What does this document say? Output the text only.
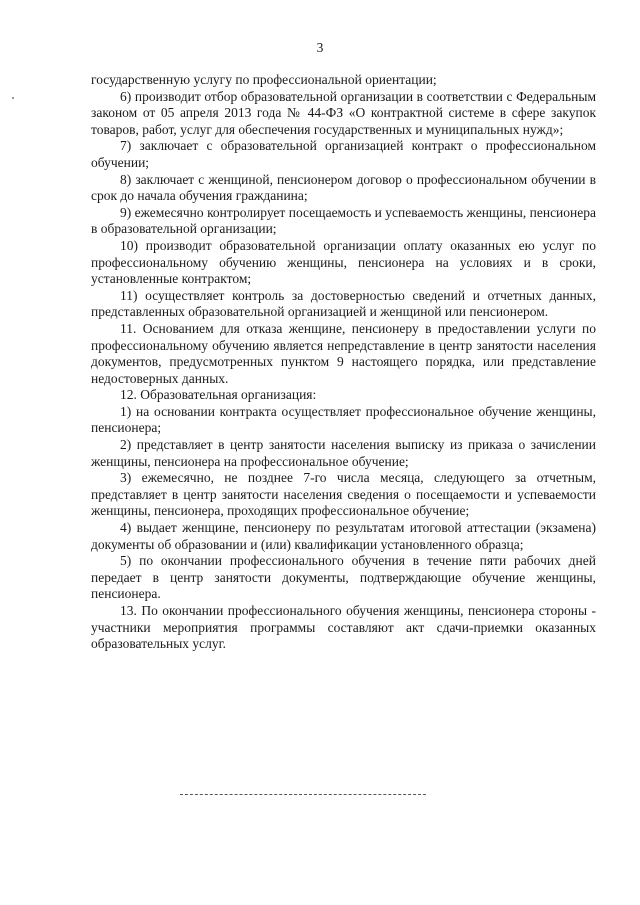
3

государственную услугу по профессиональной ориентации;

6) производит отбор образовательной организации в соответствии с Федеральным законом от 05 апреля 2013 года № 44-ФЗ «О контрактной системе в сфере закупок товаров, работ, услуг для обеспечения государственных и муниципальных нужд»;

7) заключает с образовательной организацией контракт о профессиональном обучении;

8) заключает с женщиной, пенсионером договор о профессиональном обучении в срок до начала обучения гражданина;

9) ежемесячно контролирует посещаемость и успеваемость женщины, пенсионера в образовательной организации;

10) производит образовательной организации оплату оказанных ею услуг по профессиональному обучению женщины, пенсионера на условиях и в сроки, установленные контрактом;

11) осуществляет контроль за достоверностью сведений и отчетных данных, представленных образовательной организацией и женщиной или пенсионером.

11. Основанием для отказа женщине, пенсионеру в предоставлении услуги по профессиональному обучению является непредставление в центр занятости населения документов, предусмотренных пунктом 9 настоящего порядка, или представление недостоверных данных.

12. Образовательная организация:

1) на основании контракта осуществляет профессиональное обучение женщины, пенсионера;

2) представляет в центр занятости населения выписку из приказа о зачислении женщины, пенсионера на профессиональное обучение;

3) ежемесячно, не позднее 7-го числа месяца, следующего за отчетным, представляет в центр занятости населения сведения о посещаемости и успеваемости женщины, пенсионера, проходящих профессиональное обучение;

4) выдает женщине, пенсионеру по результатам итоговой аттестации (экзамена) документы об образовании и (или) квалификации установленного образца;

5) по окончании профессионального обучения в течение пяти рабочих дней передает в центр занятости документы, подтверждающие обучение женщины, пенсионера.

13. По окончании профессионального обучения женщины, пенсионера стороны - участники мероприятия программы составляют акт сдачи-приемки оказанных образовательных услуг.
